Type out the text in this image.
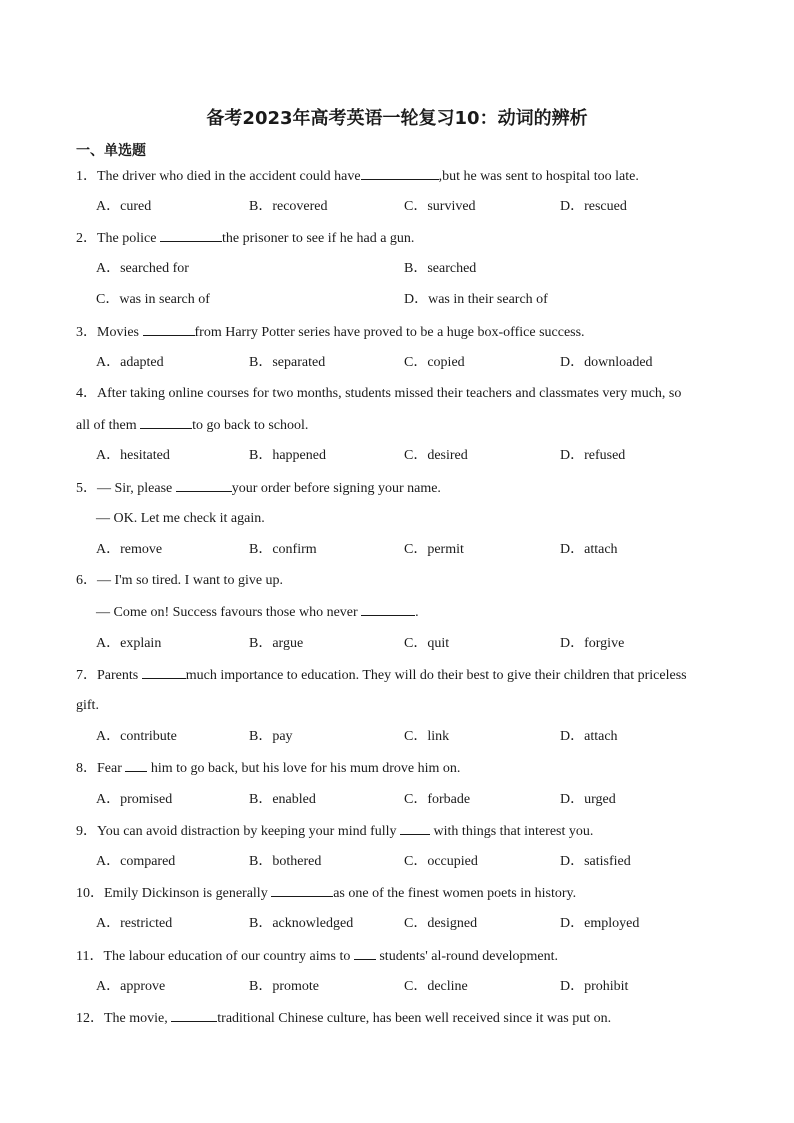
备考2023年高考英语一轮复习10：动词的辨析
一、单选题
1．The driver who died in the accident could have	,but he was sent to hospital too late.
A．cured	B．recovered	C．survived	D．rescued
2．The police	the prisoner to see if he had a gun.
A．searched for	B．searched
C．was in search of	D．was in their search of
3．Movies	from Harry Potter series have proved to be a huge box-office success.
A．adapted	B．separated	C．copied	D．downloaded
4．After taking online courses for two months, students missed their teachers and classmates very much, so
all of them	to go back to school.
A．hesitated	B．happened	C．desired	D．refused
5．— Sir, please	your order before signing your name.
— OK. Let me check it again.
A．remove	B．confirm	C．permit	D．attach
6．— I'm so tired. I want to give up.
— Come on! Success favours those who never	.
A．explain	B．argue	C．quit	D．forgive
7．Parents	much importance to education. They will do their best to give their children that priceless
gift.
A．contribute	B．pay	C．link	D．attach
8．Fear him to go back, but his love for his mum drove him on.
A．promised	B．enabled	C．forbade	D．urged
9．You can avoid distraction by keeping your mind fully	with things that interest you.
A．compared	B．bothered	C．occupied	D．satisfied
10．Emily Dickinson is generally	as one of the finest women poets in history.
A．restricted	B．acknowledged	C．designed	D．employed
11．The labour education of our country aims to students' al-round development.
A．approve	B．promote	C．decline	D．prohibit
12．The movie,	traditional Chinese culture, has been well received since it was put on.
